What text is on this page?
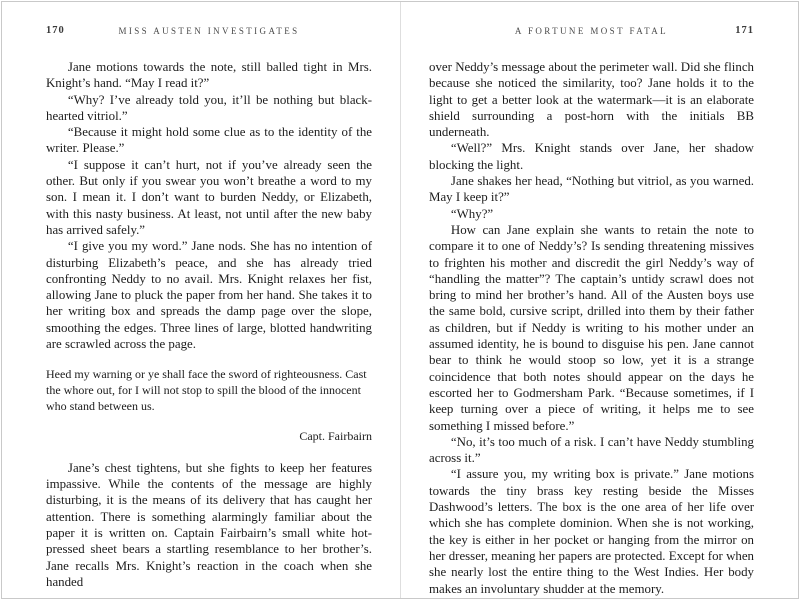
170	MISS AUSTEN INVESTIGATES

Jane motions towards the note, still balled tight in Mrs. Knight’s hand. “May I read it?”

“Why? I’ve already told you, it’ll be nothing but black-hearted vitriol.”

“Because it might hold some clue as to the identity of the writer. Please.”

“I suppose it can’t hurt, not if you’ve already seen the other. But only if you swear you won’t breathe a word to my son. I mean it. I don’t want to burden Neddy, or Elizabeth, with this nasty business. At least, not until after the new baby has arrived safely.”

“I give you my word.” Jane nods. She has no intention of disturbing Elizabeth’s peace, and she has already tried confronting Neddy to no avail. Mrs. Knight relaxes her fist, allowing Jane to pluck the paper from her hand. She takes it to her writing box and spreads the damp page over the slope, smoothing the edges. Three lines of large, blotted handwriting are scrawled across the page.

Heed my warning or ye shall face the sword of righteousness. Cast the whore out, for I will not stop to spill the blood of the innocent who stand between us.

Capt. Fairbairn

Jane’s chest tightens, but she fights to keep her features impassive. While the contents of the message are highly disturbing, it is the means of its delivery that has caught her attention. There is something alarmingly familiar about the paper it is written on. Captain Fairbairn’s small white hot-pressed sheet bears a startling resemblance to her brother’s. Jane recalls Mrs. Knight’s reaction in the coach when she handed

A FORTUNE MOST FATAL	171

over Neddy’s message about the perimeter wall. Did she flinch because she noticed the similarity, too? Jane holds it to the light to get a better look at the watermark—it is an elaborate shield surrounding a post-horn with the initials BB underneath.

“Well?” Mrs. Knight stands over Jane, her shadow blocking the light.

Jane shakes her head, “Nothing but vitriol, as you warned. May I keep it?”

“Why?”

How can Jane explain she wants to retain the note to compare it to one of Neddy’s? Is sending threatening missives to frighten his mother and discredit the girl Neddy’s way of “handling the matter”? The captain’s untidy scrawl does not bring to mind her brother’s hand. All of the Austen boys use the same bold, cursive script, drilled into them by their father as children, but if Neddy is writing to his mother under an assumed identity, he is bound to disguise his pen. Jane cannot bear to think he would stoop so low, yet it is a strange coincidence that both notes should appear on the days he escorted her to Godmersham Park. “Because sometimes, if I keep turning over a piece of writing, it helps me to see something I missed before.”

“No, it’s too much of a risk. I can’t have Neddy stumbling across it.”

“I assure you, my writing box is private.” Jane motions towards the tiny brass key resting beside the Misses Dashwood’s letters. The box is the one area of her life over which she has complete dominion. When she is not working, the key is either in her pocket or hanging from the mirror on her dresser, meaning her papers are protected. Except for when she nearly lost the entire thing to the West Indies. Her body makes an involuntary shudder at the memory.
